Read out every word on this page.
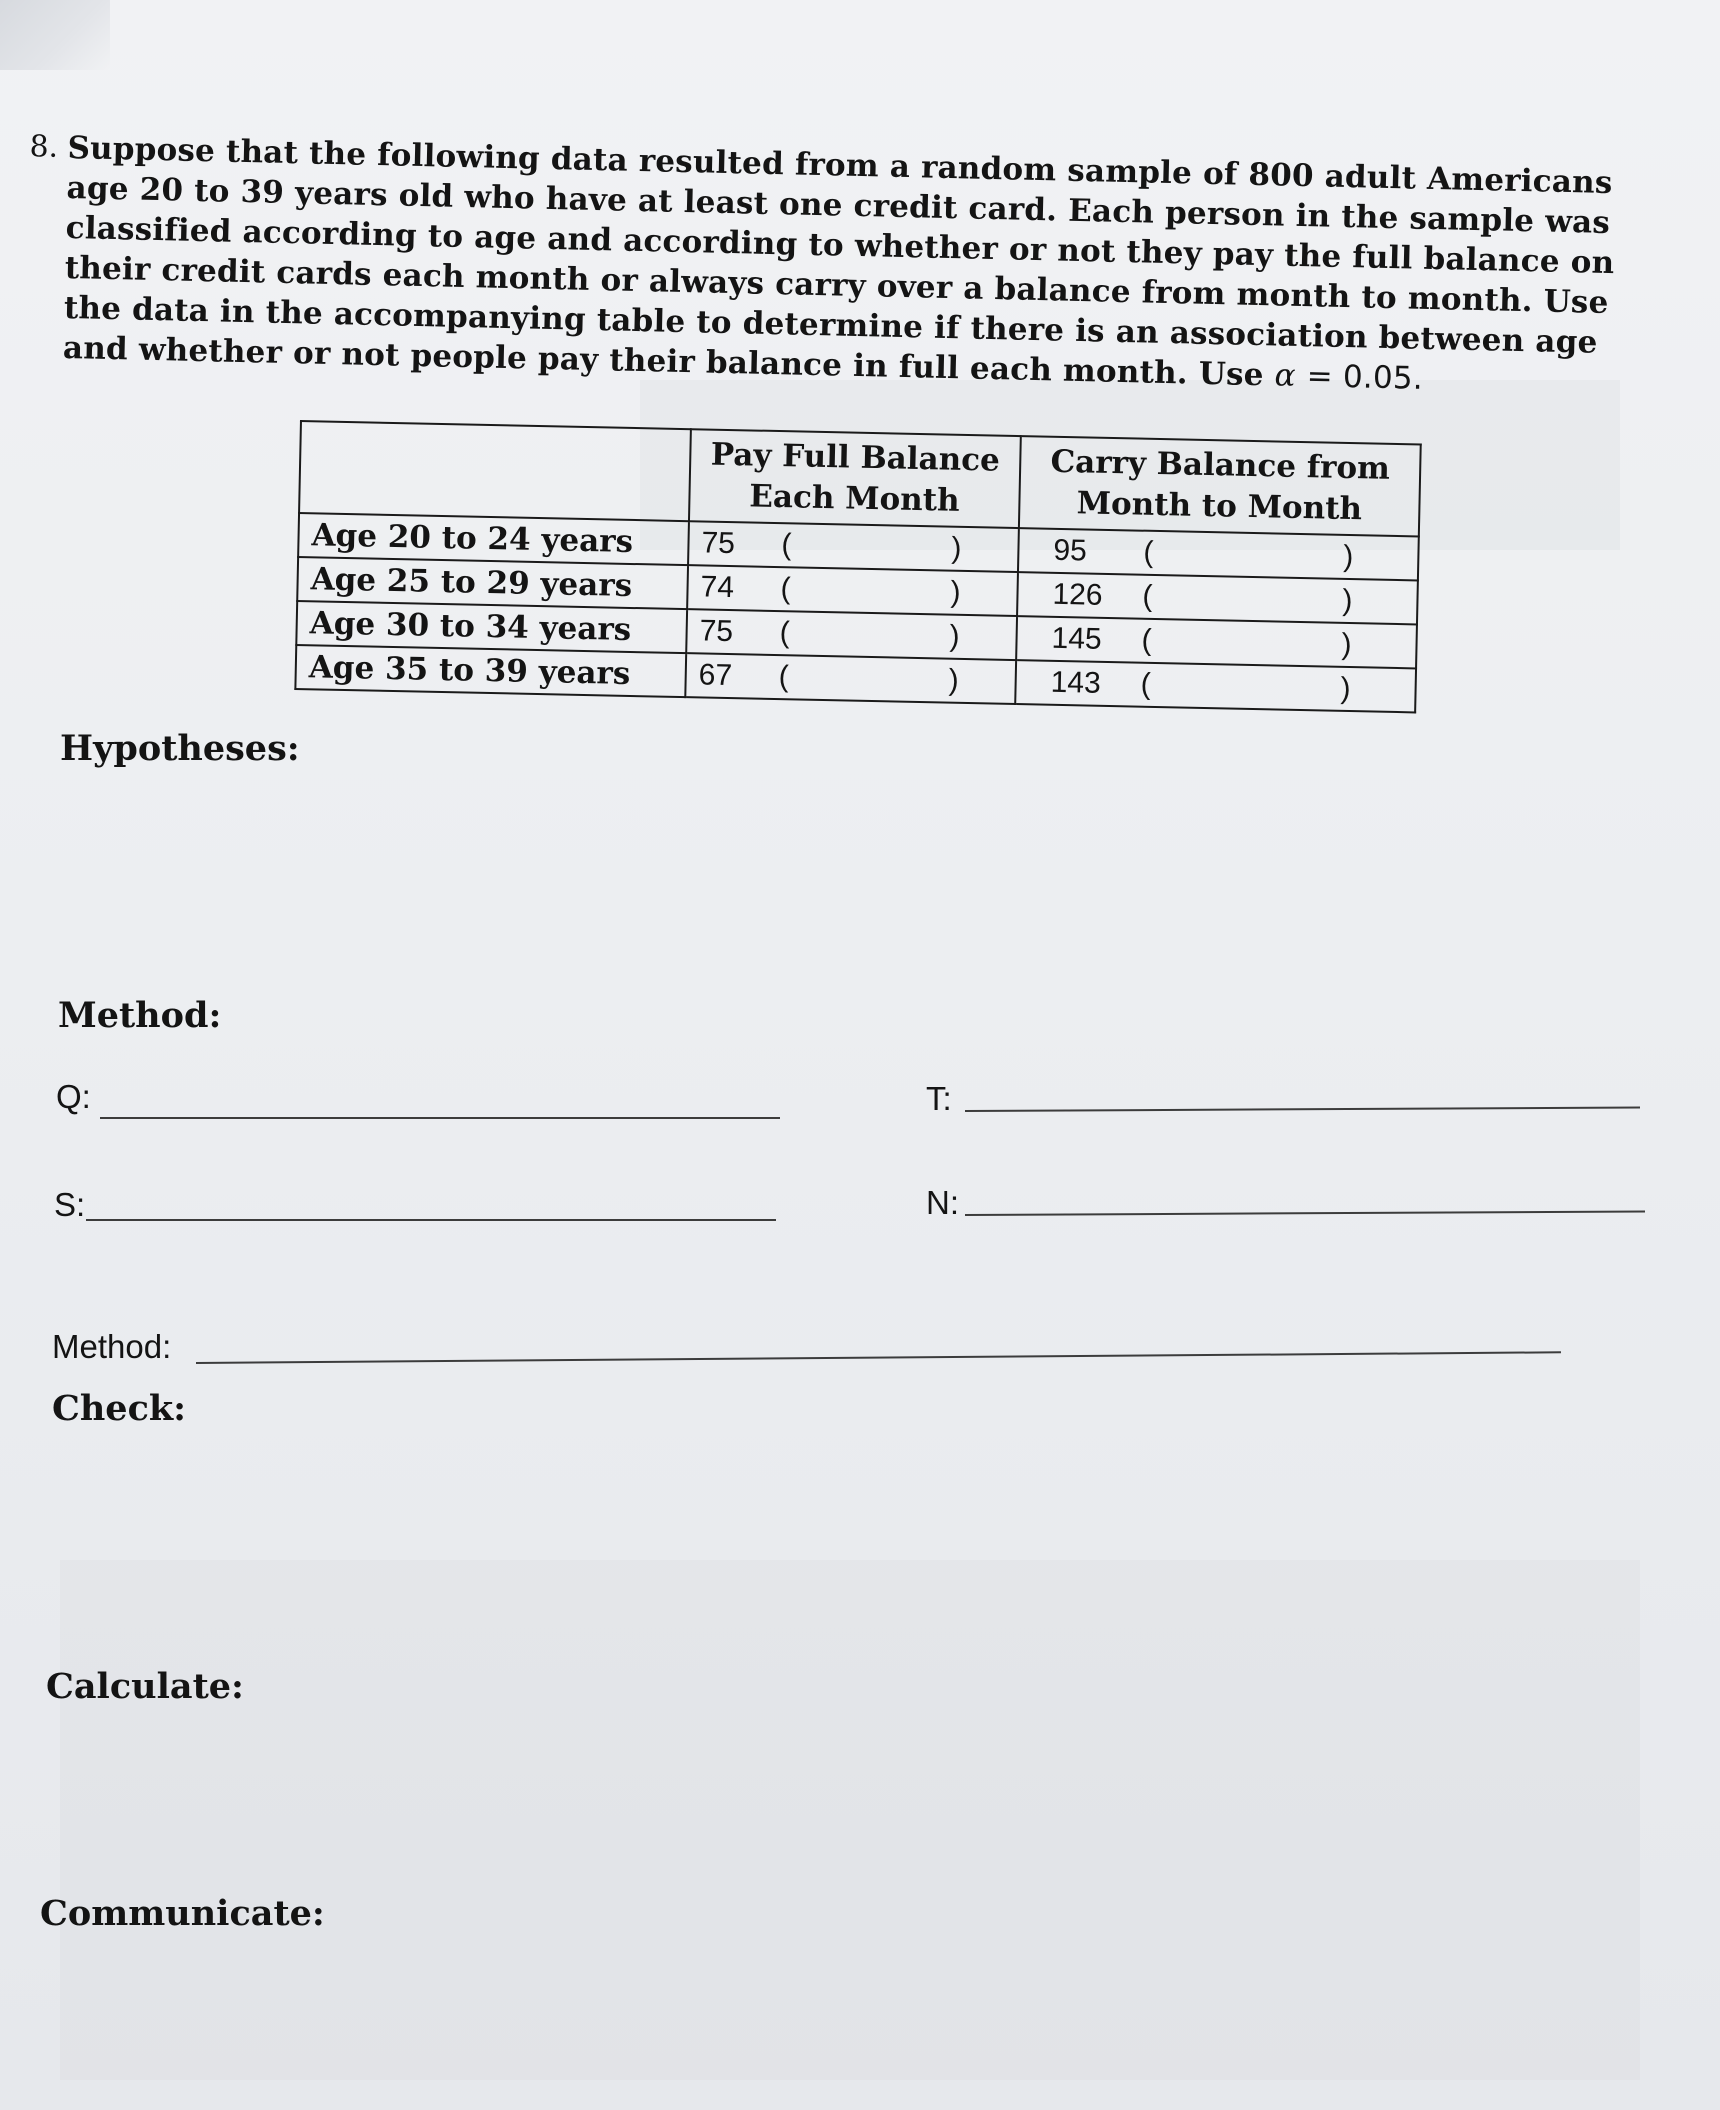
8. Suppose that the following data resulted from a random sample of 800 adult Americans age 20 to 39 years old who have at least one credit card. Each person in the sample was classified according to age and according to whether or not they pay the full balance on their credit cards each month or always carry over a balance from month to month. Use the data in the accompanying table to determine if there is an association between age and whether or not people pay their balance in full each month. Use α = 0.05.
	Pay Full Balance Each Month	Carry Balance from Month to Month
Age 20 to 24 years	75 ( )	95 ( )

Age 25 to 29 years	74 ( )	126 ( )

Age 30 to 34 years	75 ( )	145 ( )

Age 35 to 39 years	67 ( )	143 ( )
Hypotheses:
Method:
Q:	T:
S:	N:
Method:
Check:
Calculate:
Communicate:
